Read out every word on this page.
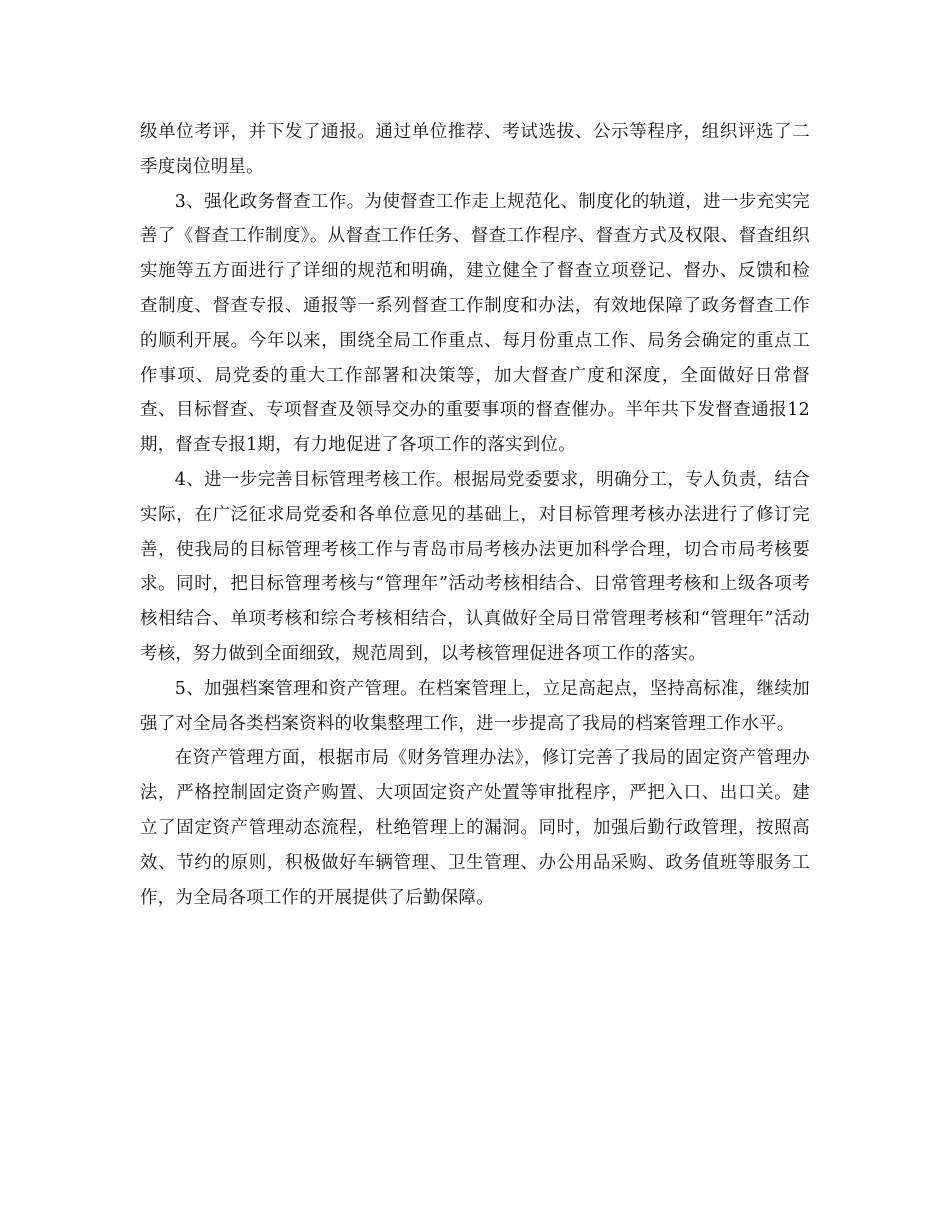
级单位考评，并下发了通报。通过单位推荐、考试选拔、公示等程序，组织评选了二季度岗位明星。

3、强化政务督查工作。为使督查工作走上规范化、制度化的轨道，进一步充实完善了《督查工作制度》。从督查工作任务、督查工作程序、督查方式及权限、督查组织实施等五方面进行了详细的规范和明确，建立健全了督查立项登记、督办、反馈和检查制度、督查专报、通报等一系列督查工作制度和办法，有效地保障了政务督查工作的顺利开展。今年以来，围绕全局工作重点、每月份重点工作、局务会确定的重点工作事项、局党委的重大工作部署和决策等，加大督查广度和深度，全面做好日常督查、目标督查、专项督查及领导交办的重要事项的督查催办。半年共下发督查通报12期，督查专报1期，有力地促进了各项工作的落实到位。

4、进一步完善目标管理考核工作。根据局党委要求，明确分工，专人负责，结合实际，在广泛征求局党委和各单位意见的基础上，对目标管理考核办法进行了修订完善，使我局的目标管理考核工作与青岛市局考核办法更加科学合理，切合市局考核要求。同时，把目标管理考核与“管理年”活动考核相结合、日常管理考核和上级各项考核相结合、单项考核和综合考核相结合，认真做好全局日常管理考核和“管理年”活动考核，努力做到全面细致，规范周到，以考核管理促进各项工作的落实。

5、加强档案管理和资产管理。在档案管理上，立足高起点，坚持高标准，继续加强了对全局各类档案资料的收集整理工作，进一步提高了我局的档案管理工作水平。

在资产管理方面，根据市局《财务管理办法》，修订完善了我局的固定资产管理办法，严格控制固定资产购置、大项固定资产处置等审批程序，严把入口、出口关。建立了固定资产管理动态流程，杜绝管理上的漏洞。同时，加强后勤行政管理，按照高效、节约的原则，积极做好车辆管理、卫生管理、办公用品采购、政务值班等服务工作，为全局各项工作的开展提供了后勤保障。
